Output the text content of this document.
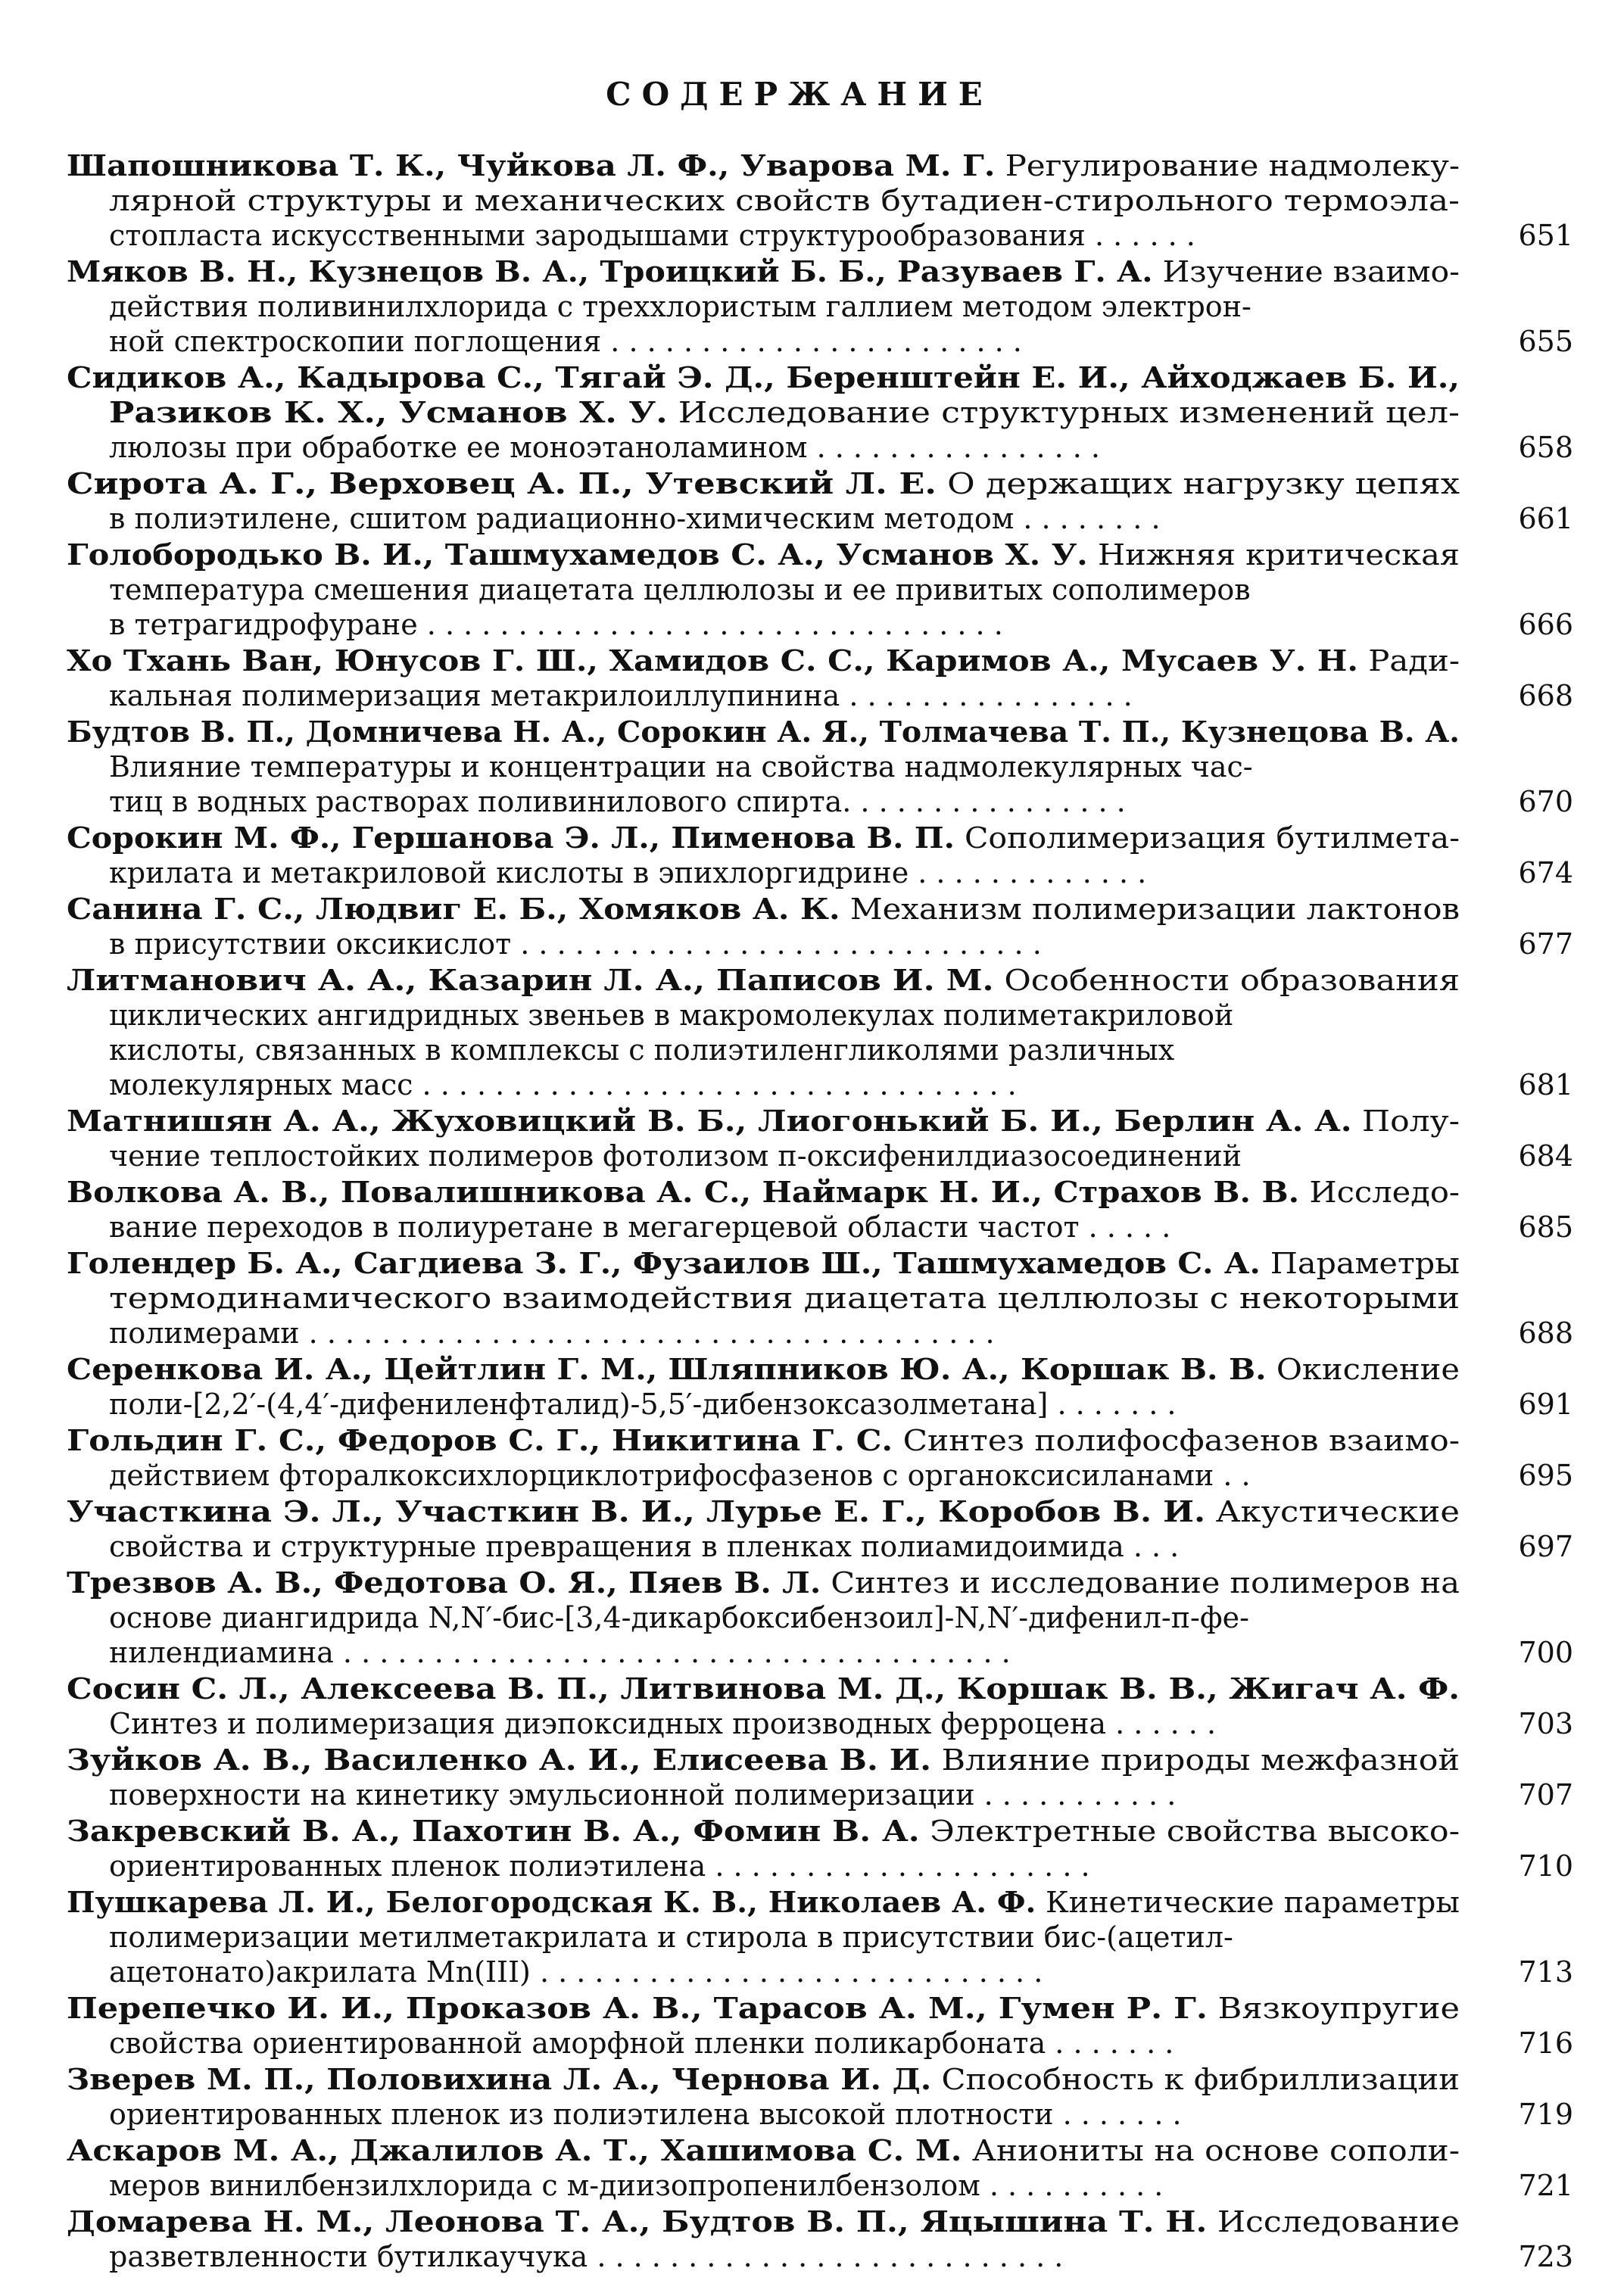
СОДЕРЖАНИЕ
Шапошникова Т. К., Чуйкова Л. Ф., Уварова М. Г. Регулирование надмолеку-
лярной структуры и механических свойств бутадиен-стирольного термоэла-
стопласта искусственными зародышами структурообразования . . . . . .	651
Мяков В. Н., Кузнецов В. А., Троицкий Б. Б., Разуваев Г. А. Изучение взаимо-
действия поливинилхлорида с треххлористым галлием методом электрон-
ной спектроскопии поглощения . . . . . . . . . . . . . . . . . . . . . . .	655
Сидиков А., Кадырова С., Тягай Э. Д., Беренштейн Е. И., Айходжаев Б. И.,
Разиков К. Х., Усманов Х. У. Исследование структурных изменений цел-
люлозы при обработке ее моноэтаноламином . . . . . . . . . . . . . . . .	658
Сирота А. Г., Верховец А. П., Утевский Л. Е. О держащих нагрузку цепях
в полиэтилене, сшитом радиационно-химическим методом . . . . . . . .	661
Голобородько В. И., Ташмухамедов С. А., Усманов Х. У. Нижняя критическая
температура смешения диацетата целлюлозы и ее привитых сополимеров
в тетрагидрофуране . . . . . . . . . . . . . . . . . . . . . . . . . . . . . . . .	666
Хо Тхань Ван, Юнусов Г. Ш., Хамидов С. С., Каримов А., Мусаев У. Н. Ради-
кальная полимеризация метакрилоиллупинина . . . . . . . . . . . . . . . .	668
Будтов В. П., Домничева Н. А., Сорокин А. Я., Толмачева Т. П., Кузнецова В. А.
Влияние температуры и концентрации на свойства надмолекулярных час-
тиц в водных растворах поливинилового спирта. . . . . . . . . . . . . . . .	670
Сорокин М. Ф., Гершанова Э. Л., Пименова В. П. Сополимеризация бутилмета-
крилата и метакриловой кислоты в эпихлоргидрине . . . . . . . . . . . . .	674
Санина Г. С., Людвиг Е. Б., Хомяков А. К. Механизм полимеризации лактонов
в присутствии оксикислот . . . . . . . . . . . . . . . . . . . . . . . . . . . . .	677
Литманович А. А., Казарин Л. А., Паписов И. М. Особенности образования
циклических ангидридных звеньев в макромолекулах полиметакриловой
кислоты, связанных в комплексы с полиэтиленгликолями различных
молекулярных масс . . . . . . . . . . . . . . . . . . . . . . . . . . . . . . . . .	681
Матнишян А. А., Жуховицкий В. Б., Лиогонький Б. И., Берлин А. А. Полу-
чение теплостойких полимеров фотолизом п-оксифенилдиазосоединений	684
Волкова А. В., Повалишникова А. С., Наймарк Н. И., Страхов В. В. Исследо-
вание переходов в полиуретане в мегагерцевой области частот . . . . .	685
Голендер Б. А., Сагдиева З. Г., Фузаилов Ш., Ташмухамедов С. А. Параметры
термодинамического взаимодействия диацетата целлюлозы с некоторыми
полимерами . . . . . . . . . . . . . . . . . . . . . . . . . . . . . . . . . . . . . .	688
Серенкова И. А., Цейтлин Г. М., Шляпников Ю. А., Коршак В. В. Окисление
поли-[2,2′-(4,4′-дифениленфталид)-5,5′-дибензоксазолметана] . . . . . . .	691
Гольдин Г. С., Федоров С. Г., Никитина Г. С. Синтез полифосфазенов взаимо-
действием фторалкоксихлорциклотрифосфазенов с органоксисиланами . .	695
Участкина Э. Л., Участкин В. И., Лурье Е. Г., Коробов В. И. Акустические
свойства и структурные превращения в пленках полиамидоимида . . .	697
Трезвов А. В., Федотова О. Я., Пяев В. Л. Синтез и исследование полимеров на
основе диангидрида N,N′-бис-[3,4-дикарбоксибензоил]-N,N′-дифенил-п-фе-
нилендиамина . . . . . . . . . . . . . . . . . . . . . . . . . . . . . . . . . . . . .	700
Сосин С. Л., Алексеева В. П., Литвинова М. Д., Коршак В. В., Жигач А. Ф.
Синтез и полимеризация диэпоксидных производных ферроцена . . . . . .	703
Зуйков А. В., Василенко А. И., Елисеева В. И. Влияние природы межфазной
поверхности на кинетику эмульсионной полимеризации . . . . . . . . . . .	707
Закревский В. А., Пахотин В. А., Фомин В. А. Электретные свойства высоко-
ориентированных пленок полиэтилена . . . . . . . . . . . . . . . . . . . . .	710
Пушкарева Л. И., Белогородская К. В., Николаев А. Ф. Кинетические параметры
полимеризации метилметакрилата и стирола в присутствии бис-(ацетил-
ацетонато)акрилата Mn(III) . . . . . . . . . . . . . . . . . . . . . . . . . . . .	713
Перепечко И. И., Проказов А. В., Тарасов А. М., Гумен Р. Г. Вязкоупругие
свойства ориентированной аморфной пленки поликарбоната . . . . . . .	716
Зверев М. П., Половихина Л. А., Чернова И. Д. Способность к фибриллизации
ориентированных пленок из полиэтилена высокой плотности . . . . . . .	719
Аскаров М. А., Джалилов А. Т., Хашимова С. М. Аниониты на основе сополи-
меров винилбензилхлорида с м-диизопропенилбензолом . . . . . . . . . .	721
Домарева Н. М., Леонова Т. А., Будтов В. П., Яцышина Т. Н. Исследование
разветвленности бутилкаучука . . . . . . . . . . . . . . . . . . . . . . . . . .	723
